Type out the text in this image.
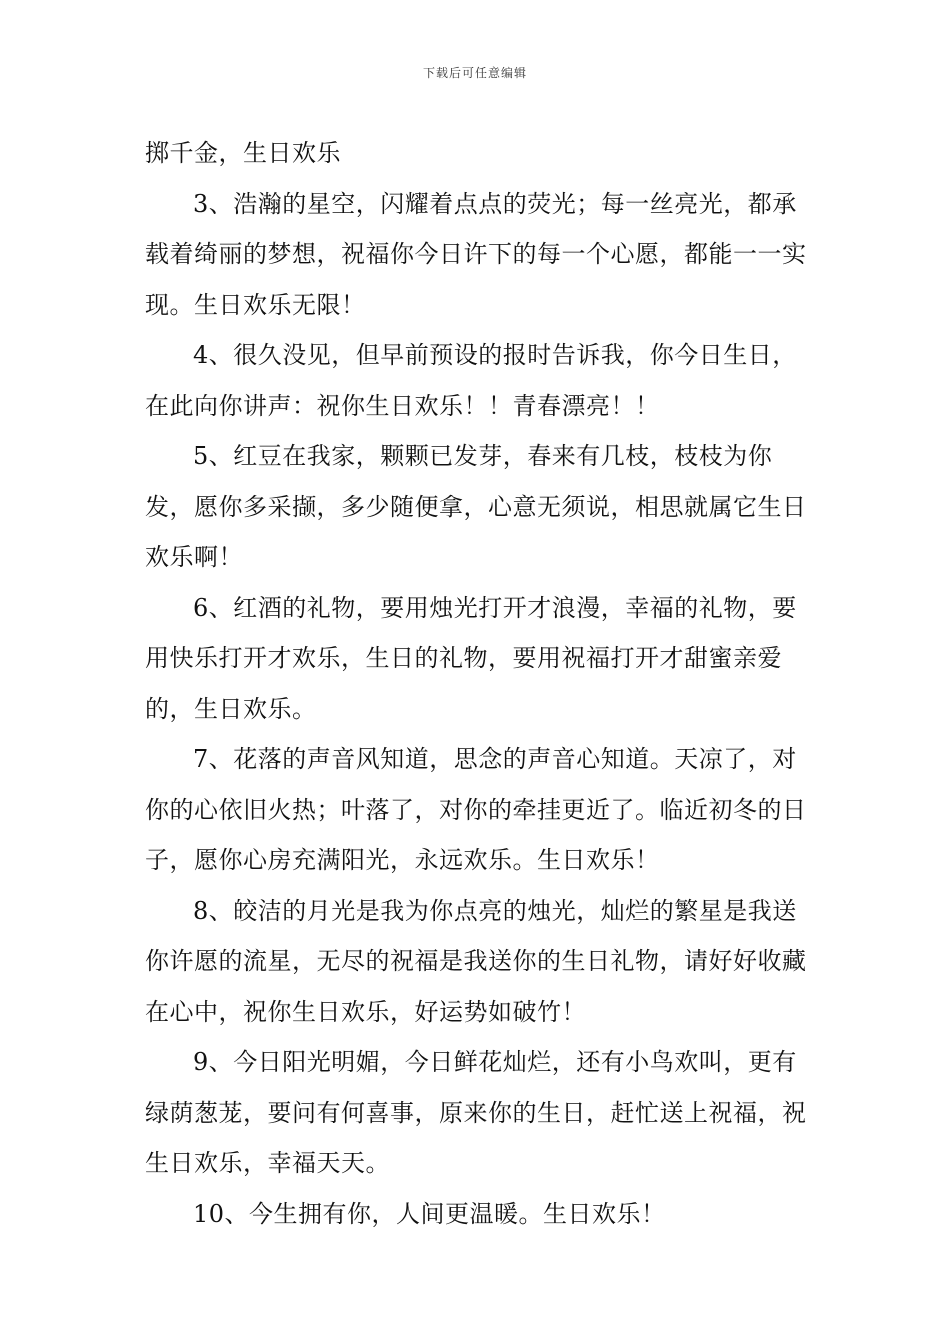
下载后可任意编辑

掷千金，生日欢乐

3、浩瀚的星空，闪耀着点点的荧光；每一丝亮光，都承载着绮丽的梦想，祝福你今日许下的每一个心愿，都能一一实现。生日欢乐无限！

4、很久没见，但早前预设的报时告诉我，你今日生日，在此向你讲声：祝你生日欢乐！！青春漂亮！！

5、红豆在我家，颗颗已发芽，春来有几枝，枝枝为你发，愿你多采撷，多少随便拿，心意无须说，相思就属它生日欢乐啊！

6、红酒的礼物，要用烛光打开才浪漫，幸福的礼物，要用快乐打开才欢乐，生日的礼物，要用祝福打开才甜蜜亲爱的，生日欢乐。

7、花落的声音风知道，思念的声音心知道。天凉了，对你的心依旧火热；叶落了，对你的牵挂更近了。临近初冬的日子，愿你心房充满阳光，永远欢乐。生日欢乐！

8、皎洁的月光是我为你点亮的烛光，灿烂的繁星是我送你许愿的流星，无尽的祝福是我送你的生日礼物，请好好收藏在心中，祝你生日欢乐，好运势如破竹！

9、今日阳光明媚，今日鲜花灿烂，还有小鸟欢叫，更有绿荫葱茏，要问有何喜事，原来你的生日，赶忙送上祝福，祝生日欢乐，幸福天天。

10、今生拥有你，人间更温暖。生日欢乐！
